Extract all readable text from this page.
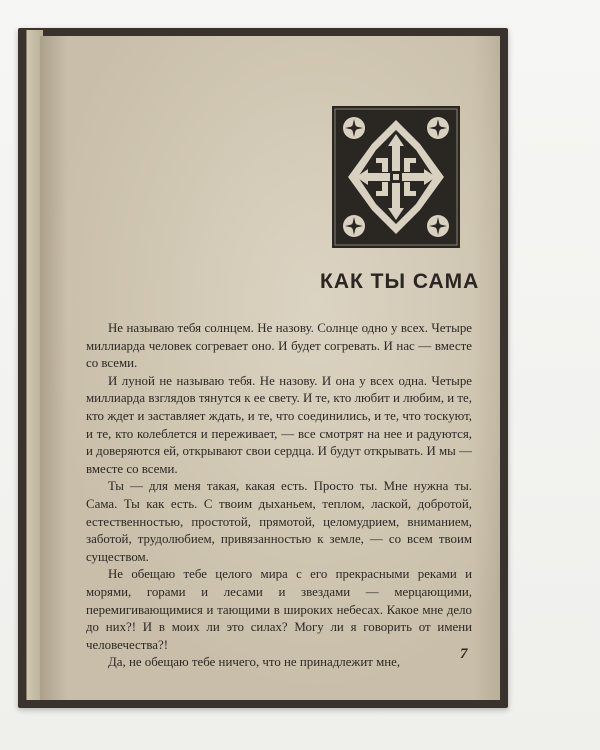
КАК ТЫ САМА

Не называю тебя солнцем. Не назову. Солнце одно у всех. Четыре миллиарда человек согревает оно. И будет согревать. И нас — вместе со всеми.

И луной не называю тебя. Не назову. И она у всех одна. Четыре миллиарда взглядов тянутся к ее свету. И те, кто любит и любим, и те, кто ждет и заставляет ждать, и те, что соединились, и те, что тоскуют, и те, кто колеблется и переживает, — все смотрят на нее и радуются, и доверяются ей, открывают свои сердца. И будут открывать. И мы — вместе со всеми.

Ты — для меня такая, какая есть. Просто ты. Мне нужна ты. Сама. Ты как есть. С твоим дыханьем, теплом, лаской, добротой, естественностью, простотой, прямотой, целомудрием, вниманием, заботой, трудолюбием, привязанностью к земле, — со всем твоим существом.

Не обещаю тебе целого мира с его прекрасными реками и морями, горами и лесами и звездами — мерцающими, перемигивающимися и тающими в широких небесах. Какое мне дело до них?! И в моих ли это силах? Могу ли я говорить от имени человечества?!

Да, не обещаю тебе ничего, что не принадлежит мне,

7
